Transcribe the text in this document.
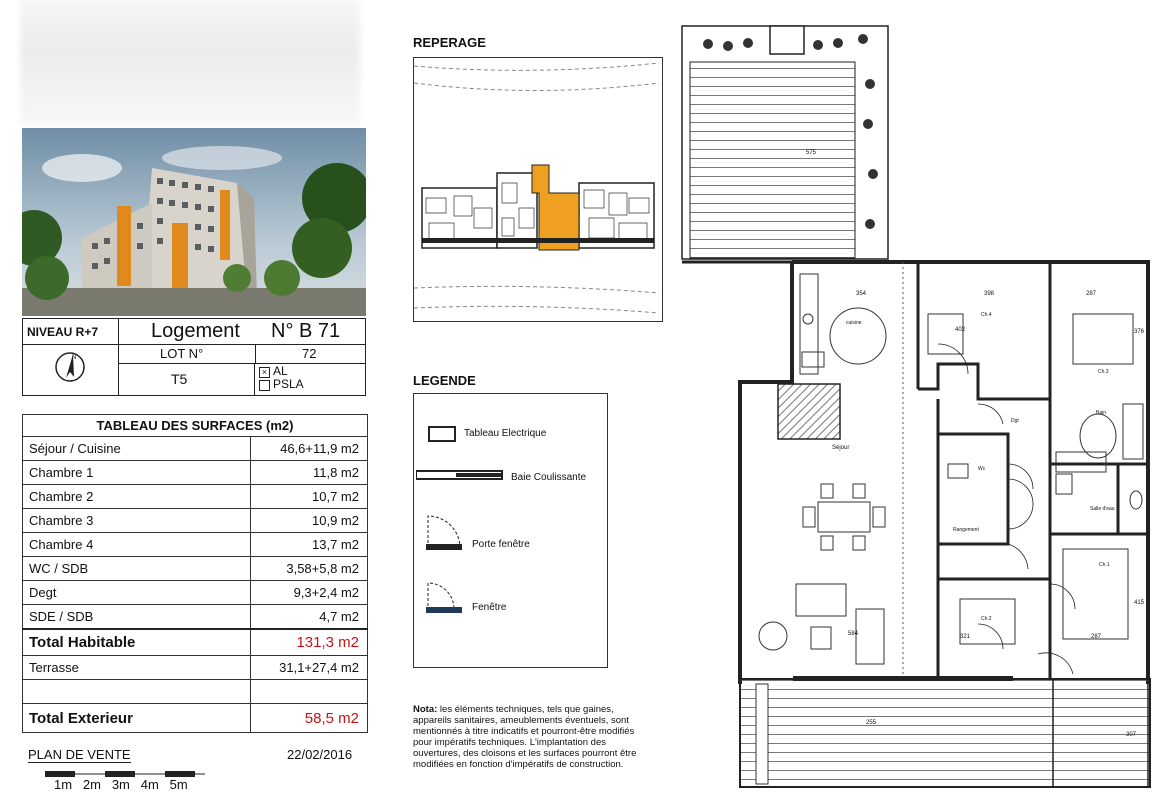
NIVEAU R+7	Logement N° B 71
LOT N°	72
T5	× AL
PSLA
N
TABLEAU DES SURFACES (m2)	
Séjour / Cuisine	46,6+11,9 m2
Chambre 1	11,8 m2
Chambre 2	10,7 m2
Chambre 3	10,9 m2
Chambre 4	13,7 m2
WC / SDB	3,58+5,8 m2
Degt	9,3+2,4 m2
SDE / SDB	4,7 m2
Total Habitable	131,3 m2
Terrasse	31,1+27,4 m2

Total Exterieur	58,5 m2
PLAN DE VENTE	22/02/2016
1m 2m 3m 4m 5m
REPERAGE
LEGENDE
Tableau Electrique
Baie Coulissante
Porte fenêtre
Fenêtre
Nota: les éléments techniques, tels que gaines, appareils sanitaires, ameublements éventuels, sont mentionnés à titre indicatifs et pourront-être modifiés pour impératifs techniques. L'implantation des ouvertures, des cloisons et les surfaces pourront être modifiées en fonction d'impératifs de construction.
Séjour
cuisine
Ch.4
Ch.3
Bain
Dgt
Wc
Salle d'eau
Ch.1
Ch.2
Rangement
354	398	287
402	376
584	321	287
415
255
307
575
